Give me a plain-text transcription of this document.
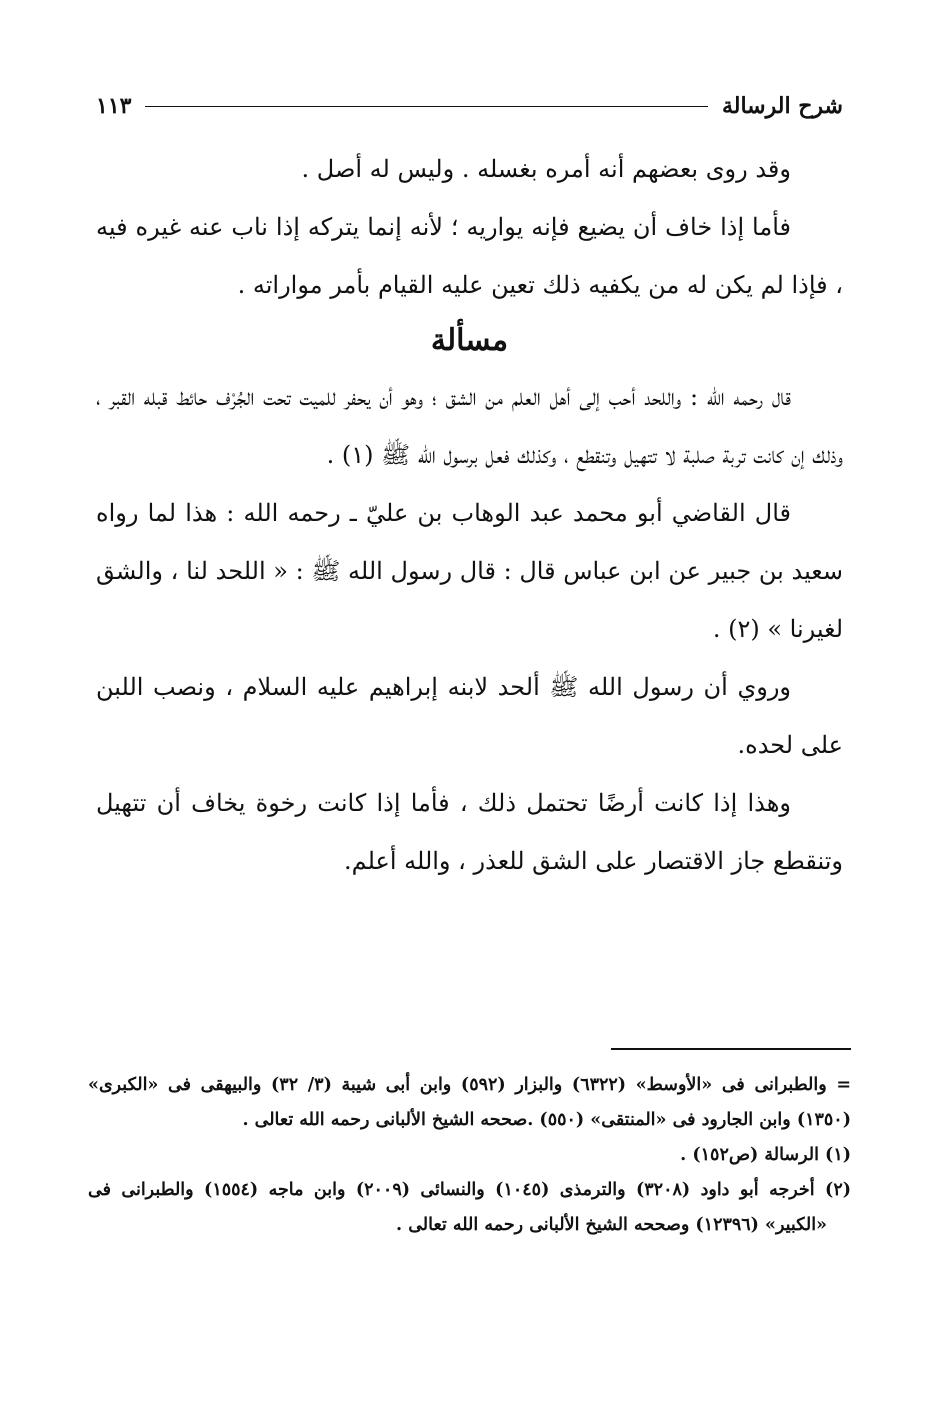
شرح الرسالة
١١٣

وقد روى بعضهم أنه أمره بغسله . وليس له أصل .

فأما إذا خاف أن يضيع فإنه يواريه ؛ لأنه إنما يتركه إذا ناب عنه غيره فيه ، فإذا لم يكن له من يكفيه ذلك تعين عليه القيام بأمر مواراته .

مسألة

قال رحمه الله : واللحد أحب إلى أهل العلم من الشق ؛ وهو أن يحفر للميت تحت الجُرْف حائط قبله القبر ، وذلك إن كانت تربة صلبة لا تتهيل وتنقطع ، وكذلك فعل برسول الله ﷺ (١) .

قال القاضي أبو محمد عبد الوهاب بن عليّ ـ رحمه الله : هذا لما رواه سعيد بن جبير عن ابن عباس قال : قال رسول الله ﷺ : « اللحد لنا ، والشق لغيرنا » (٢) .

وروي أن رسول الله ﷺ ألحد لابنه إبراهيم عليه السلام ، ونصب اللبن على لحده.

وهذا إذا كانت أرضًا تحتمل ذلك ، فأما إذا كانت رخوة يخاف أن تتهيل وتنقطع جاز الاقتصار على الشق للعذر ، والله أعلم.

= والطبرانى فى «الأوسط» (٦٣٢٢) والبزار (٥٩٢) وابن أبى شيبة (٣/ ٣٢) والبيهقى فى «الكبرى» (١٣٥٠) وابن الجارود فى «المنتقى» (٥٥٠) .صححه الشيخ الألبانى رحمه الله تعالى .

(١) الرسالة (ص١٥٢) .

(٢) أخرجه أبو داود (٣٢٠٨) والترمذى (١٠٤٥) والنسائى (٢٠٠٩) وابن ماجه (١٥٥٤) والطبرانى فى «الكبير» (١٢٣٩٦) وصححه الشيخ الألبانى رحمه الله تعالى .
